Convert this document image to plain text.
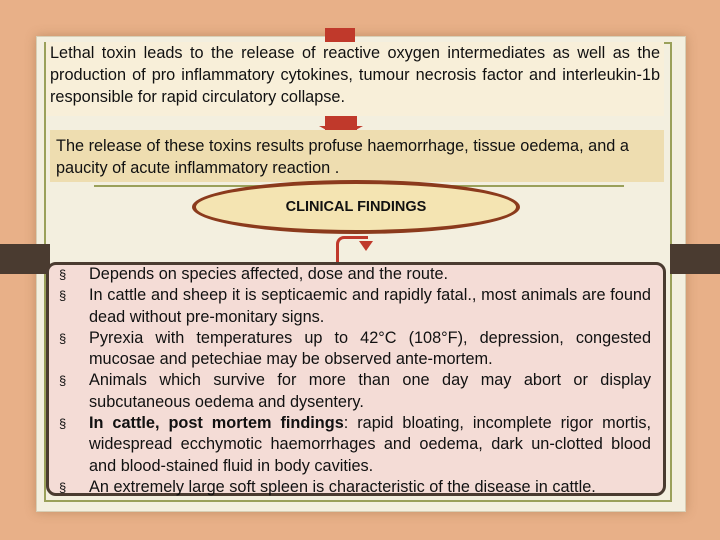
Lethal toxin leads to the release of reactive oxygen intermediates as well as the production of pro inflammatory cytokines, tumour necrosis factor and interleukin-1b responsible for rapid circulatory collapse.
The release of these toxins results profuse haemorrhage, tissue oedema, and a paucity of acute inflammatory reaction .
CLINICAL FINDINGS
§	Depends on species affected, dose and the route.
§	In cattle and sheep it is septicaemic and rapidly fatal., most animals are found dead without pre-monitary signs.
§	Pyrexia with temperatures up to 42°C (108°F), depression, congested mucosae and petechiae may be observed ante-mortem.
§	Animals which survive for more than one day may abort or display subcutaneous oedema and dysentery.
§	In cattle, post mortem findings: rapid bloating, incomplete rigor mortis, widespread ecchymotic haemorrhages and oedema, dark un-clotted blood and blood-stained fluid in body cavities.
§	An extremely large soft spleen is characteristic of the disease in cattle.
